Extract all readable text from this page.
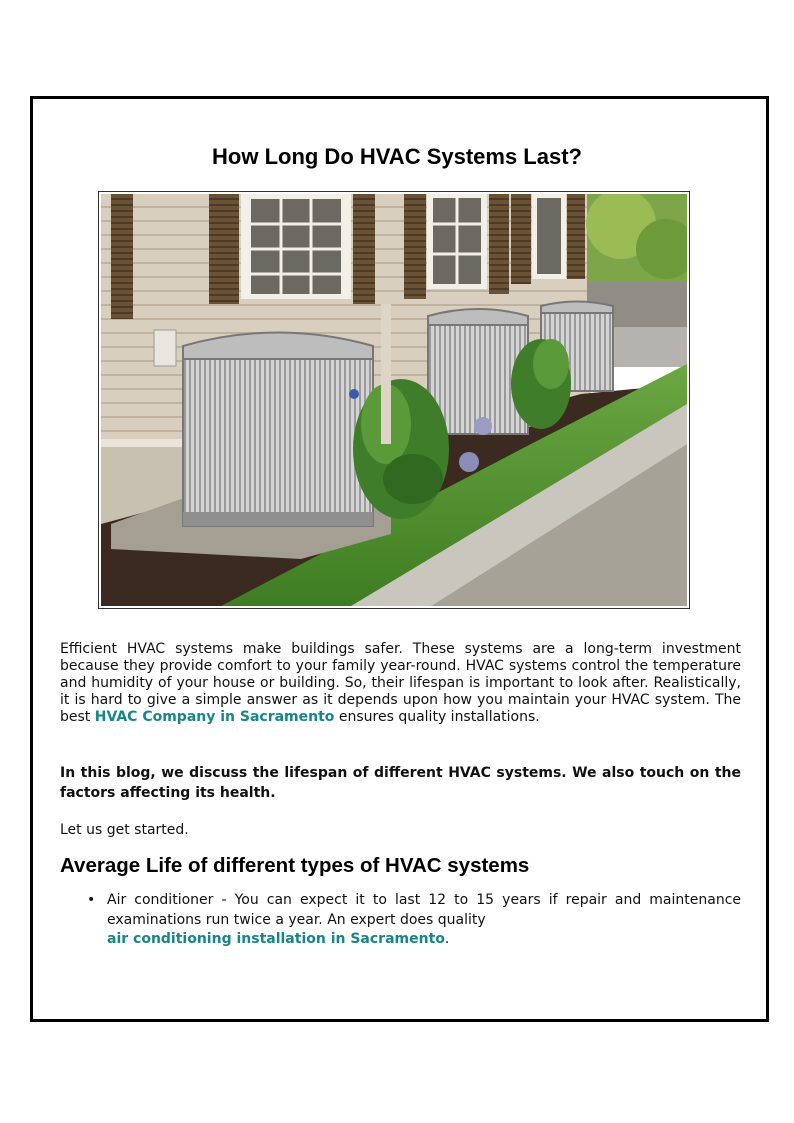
How Long Do HVAC Systems Last?

Efficient HVAC systems make buildings safer. These systems are a long-term investment because they provide comfort to your family year-round. HVAC systems control the temperature and humidity of your house or building. So, their lifespan is important to look after. Realistically, it is hard to give a simple answer as it depends upon how you maintain your HVAC system. The best HVAC Company in Sacramento ensures quality installations.

In this blog, we discuss the lifespan of different HVAC systems. We also touch on the factors affecting its health.

Let us get started.

Average Life of different types of HVAC systems
• Air conditioner - You can expect it to last 12 to 15 years if repair and maintenance examinations run twice a year. An expert does quality
air conditioning installation in Sacramento.
